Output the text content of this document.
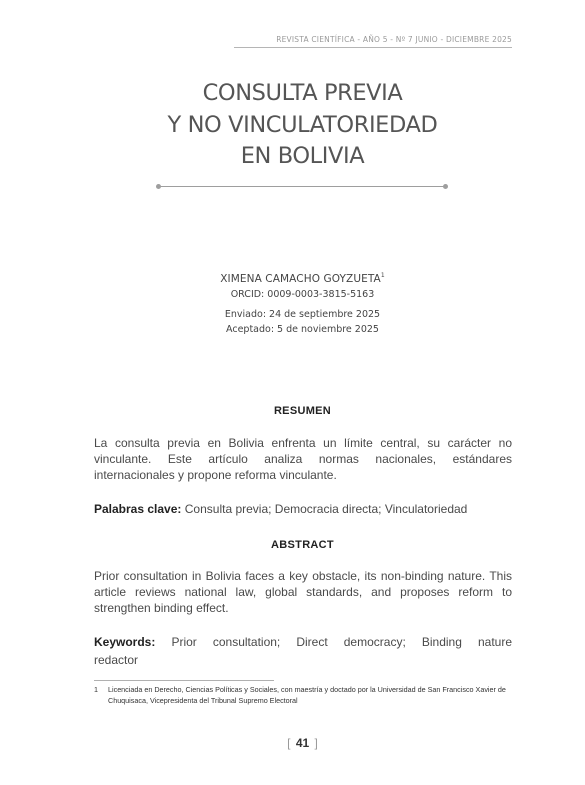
REVISTA CIENTÍFICA - AÑO 5 - Nº 7 JUNIO - DICIEMBRE 2025
CONSULTA PREVIA
Y NO VINCULATORIEDAD
EN BOLIVIA
XIMENA CAMACHO GOYZUETA$^1$
ORCID: 0009-0003-3815-5163
Enviado: 24 de septiembre 2025
Aceptado: 5 de noviembre 2025
RESUMEN
La consulta previa en Bolivia enfrenta un límite central, su carácter no vinculante. Este artículo analiza normas nacionales, estándares internacionales y propone reforma vinculante.
Palabras clave: Consulta previa; Democracia directa; Vinculatoriedad
ABSTRACT
Prior consultation in Bolivia faces a key obstacle, its non-binding nature. This article reviews national law, global standards, and proposes reform to strengthen binding effect.
Keywords: Prior consultation; Direct democracy; Binding nature
redactor
1 Licenciada en Derecho, Ciencias Políticas y Sociales, con maestría y doctado por la Universidad de San Francisco Xavier de Chuquisaca, Vicepresidenta del Tribunal Supremo Electoral
[ 41 ]
